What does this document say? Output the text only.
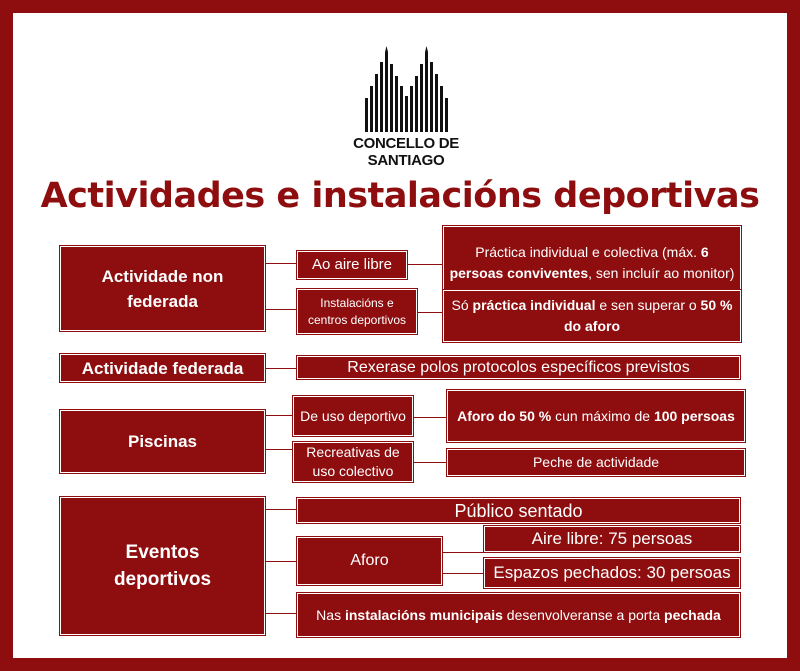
CONCELLO DE
SANTIAGO
Actividades e instalacións deportivas
Actividade non federada
Ao aire libre
Práctica individual e colectiva (máx. 6 persoas conviventes, sen incluír ao monitor)
Instalacións e centros deportivos
Só práctica individual e sen superar o 50 % do aforo
Actividade federada	Rexerase polos protocolos específicos previstos
Piscinas
De uso deportivo	Aforo do 50 % cun máximo de 100 persoas
Recreativas de uso colectivo
Peche de actividade
Eventos deportivos
Público sentado
Aforo
Aire libre: 75 persoas
Espazos pechados: 30 persoas
Nas instalacións municipais desenvolveranse a porta pechada
